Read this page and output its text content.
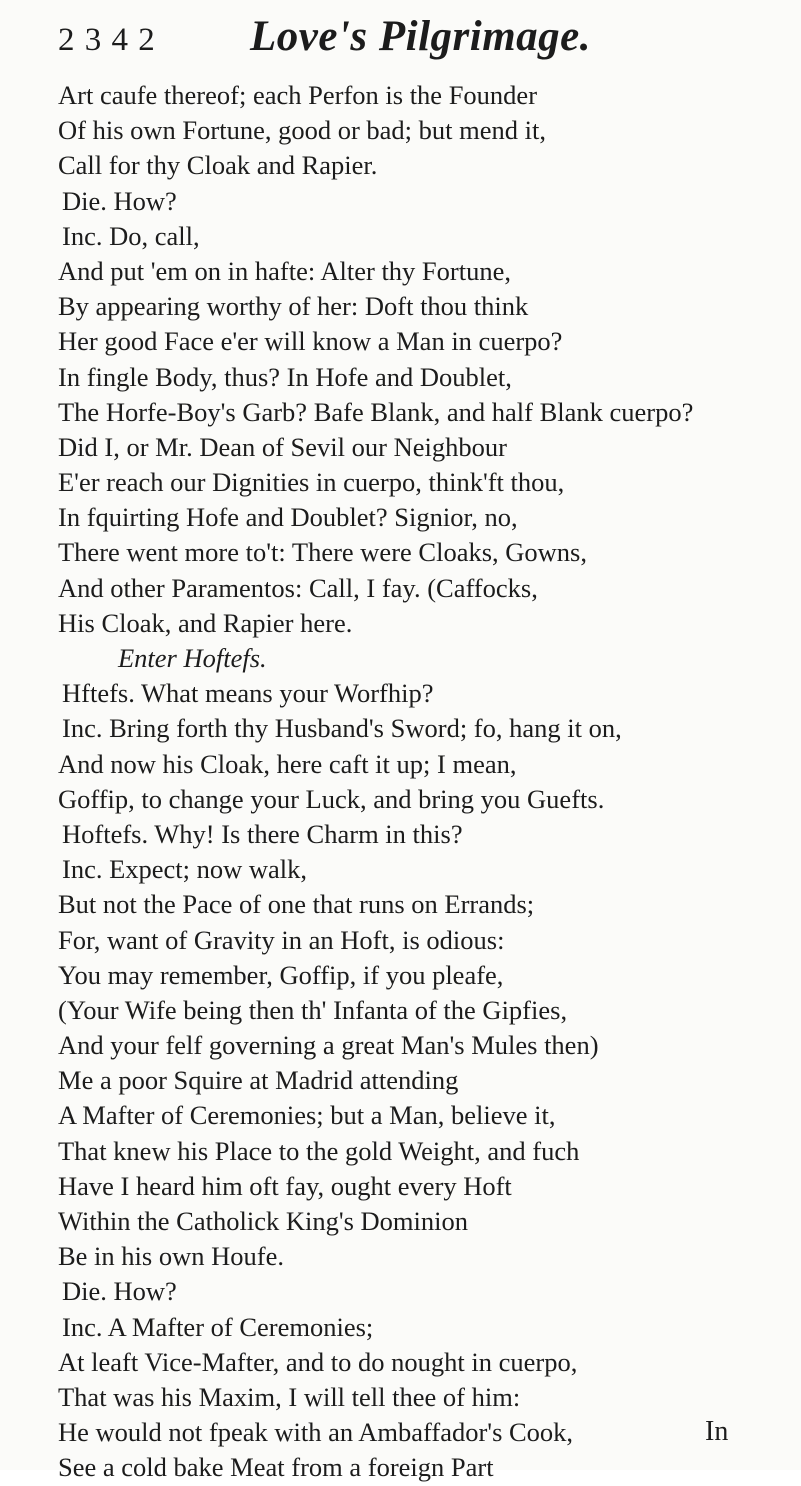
2 3 4 2 Love's Pilgrimage.
Art caufe thereof; each Perfon is the Founder
Of his own Fortune, good or bad; but mend it,
Call for thy Cloak and Rapier.
Die. How?
Inc. Do, call,
And put 'em on in hafte: Alter thy Fortune,
By appearing worthy of her: Doft thou think
Her good Face e'er will know a Man in cuerpo?
In fingle Body, thus? In Hofe and Doublet,
The Horfe-Boy's Garb? Bafe Blank, and half Blank cuerpo?
Did I, or Mr. Dean of Sevil our Neighbour
E'er reach our Dignities in cuerpo, think'ft thou,
In fquirting Hofe and Doublet? Signior, no,
There went more to't: There were Cloaks, Gowns,
And other Paramentos: Call, I fay. (Caffocks,
His Cloak, and Rapier here.
Enter Hoftefs.
Hftefs. What means your Worfhip?
Inc. Bring forth thy Husband's Sword; fo, hang it on,
And now his Cloak, here caft it up; I mean,
Goffip, to change your Luck, and bring you Guefts.
Hoftefs. Why! Is there Charm in this?
Inc. Expect; now walk,
But not the Pace of one that runs on Errands;
For, want of Gravity in an Hoft, is odious:
You may remember, Goffip, if you pleafe,
(Your Wife being then th' Infanta of the Gipfies,
And your felf governing a great Man's Mules then)
Me a poor Squire at Madrid attending
A Mafter of Ceremonies; but a Man, believe it,
That knew his Place to the gold Weight, and fuch
Have I heard him oft fay, ought every Hoft
Within the Catholick King's Dominion
Be in his own Houfe.
Die. How?
Inc. A Mafter of Ceremonies;
At leaft Vice-Mafter, and to do nought in cuerpo,
That was his Maxim, I will tell thee of him:
He would not fpeak with an Ambaffador's Cook,
See a cold bake Meat from a foreign Part
In
